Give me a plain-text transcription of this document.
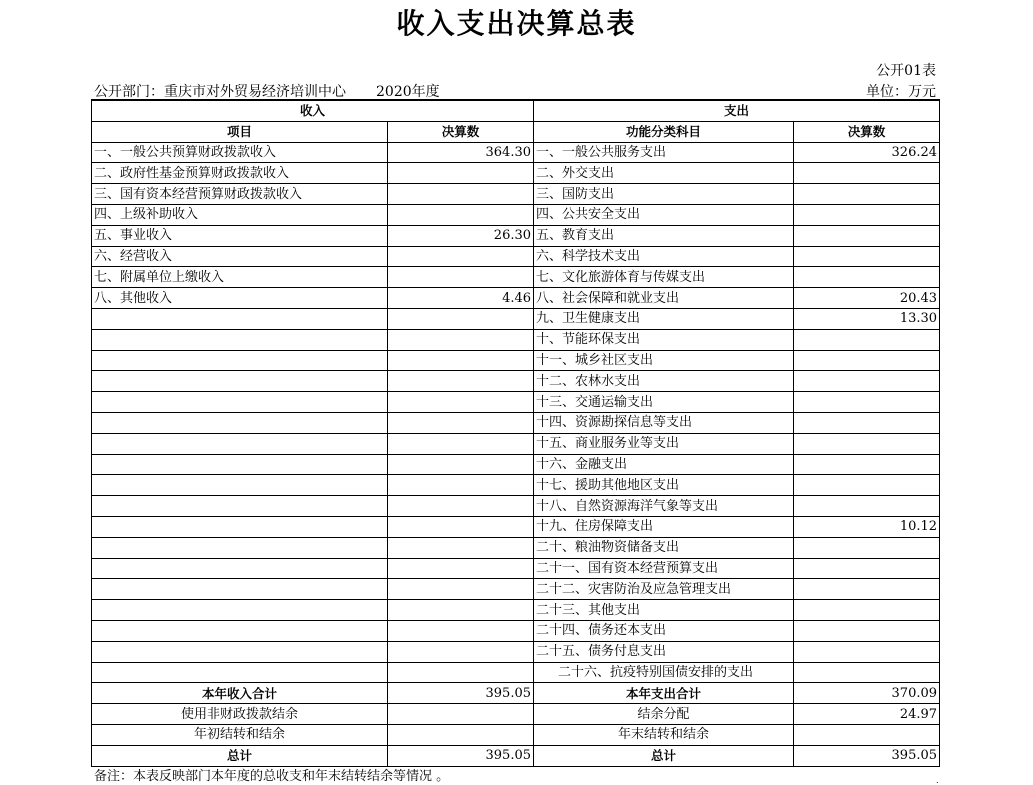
收入支出决算总表
公开01表
公开部门：重庆市对外贸易经济培训中心 2020年度	单位：万元
收入		支出	
项目	决算数	功能分类科目	决算数
一、一般公共预算财政拨款收入	364.30	一、一般公共服务支出	326.24
二、政府性基金预算财政拨款收入		二、外交支出	
三、国有资本经营预算财政拨款收入		三、国防支出	
四、上级补助收入		四、公共安全支出	
五、事业收入	26.30	五、教育支出	
六、经营收入		六、科学技术支出	
七、附属单位上缴收入		七、文化旅游体育与传媒支出	
八、其他收入	4.46	八、社会保障和就业支出	20.43
		九、卫生健康支出	13.30
		十、节能环保支出	
		十一、城乡社区支出	
		十二、农林水支出	
		十三、交通运输支出	
		十四、资源勘探信息等支出	
		十五、商业服务业等支出	
		十六、金融支出	
		十七、援助其他地区支出	
		十八、自然资源海洋气象等支出	
		十九、住房保障支出	10.12
		二十、粮油物资储备支出	
		二十一、国有资本经营预算支出	
		二十二、灾害防治及应急管理支出	
		二十三、其他支出	
		二十四、债务还本支出	
		二十五、债务付息支出	
		二十六、抗疫特别国债安排的支出	
本年收入合计	395.05	本年支出合计	370.09
使用非财政拨款结余		结余分配	24.97
年初结转和结余		年末结转和结余	
总计	395.05	总计	395.05
备注：本表反映部门本年度的总收支和年末结转结余等情况 。	.
